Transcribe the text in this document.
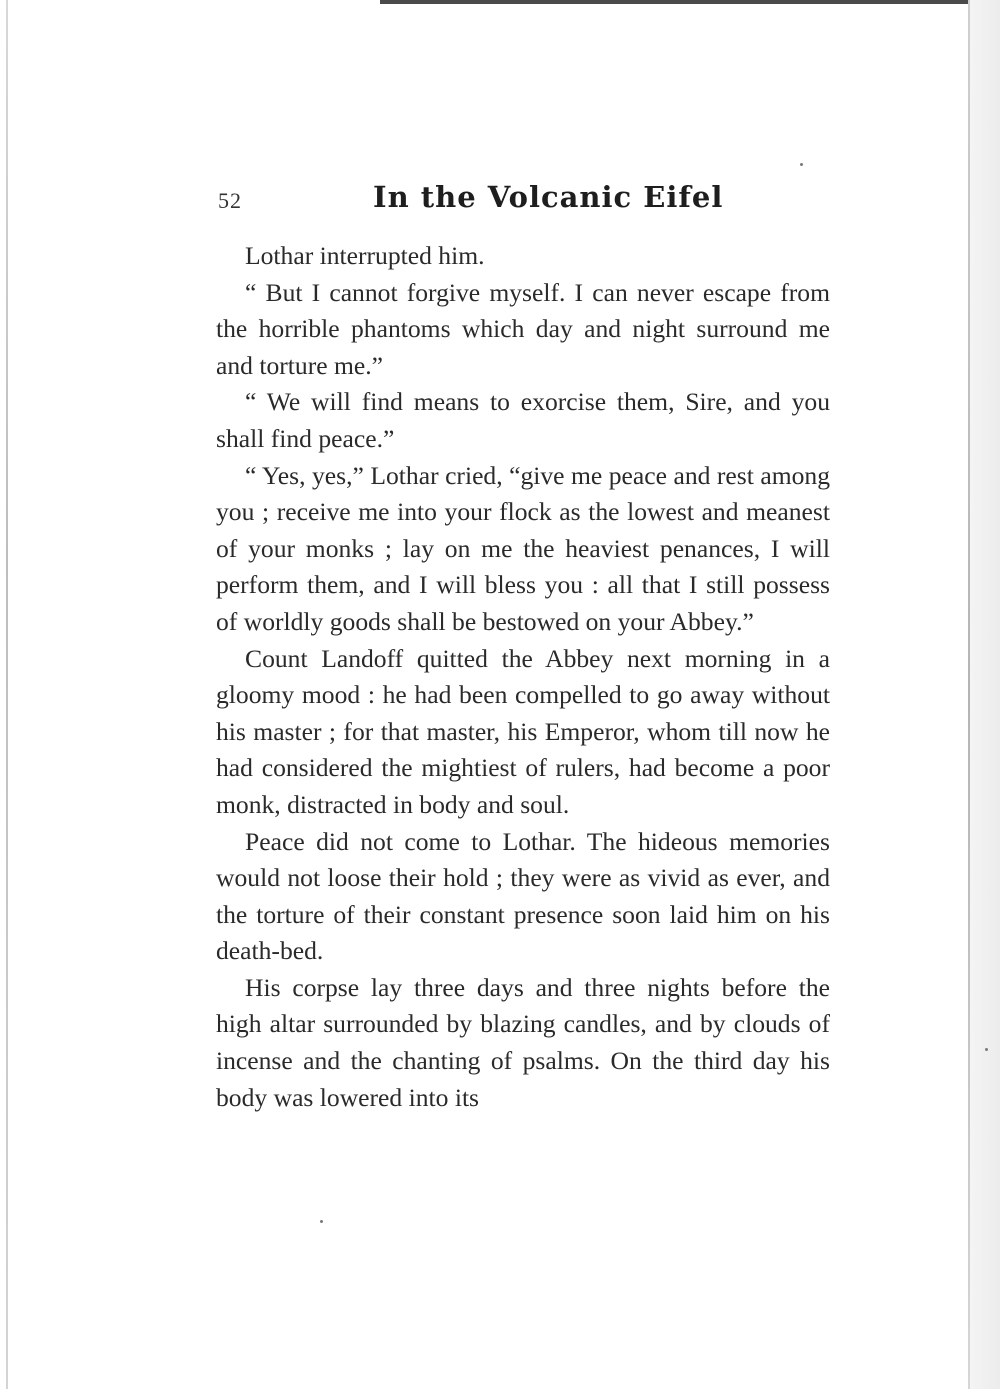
52	In the Volcanic Eifel

Lothar interrupted him.

“ But I cannot forgive myself. I can never escape from the horrible phantoms which day and night surround me and torture me.”

“ We will find means to exorcise them, Sire, and you shall find peace.”

“ Yes, yes,” Lothar cried, “give me peace and rest among you ; receive me into your flock as the lowest and meanest of your monks ; lay on me the heaviest penances, I will perform them, and I will bless you : all that I still possess of worldly goods shall be bestowed on your Abbey.”

Count Landoff quitted the Abbey next morning in a gloomy mood : he had been compelled to go away without his master ; for that master, his Emperor, whom till now he had considered the mightiest of rulers, had become a poor monk, distracted in body and soul.

Peace did not come to Lothar. The hideous memories would not loose their hold ; they were as vivid as ever, and the torture of their constant presence soon laid him on his death-bed.

His corpse lay three days and three nights before the high altar surrounded by blazing candles, and by clouds of incense and the chanting of psalms. On the third day his body was lowered into its
